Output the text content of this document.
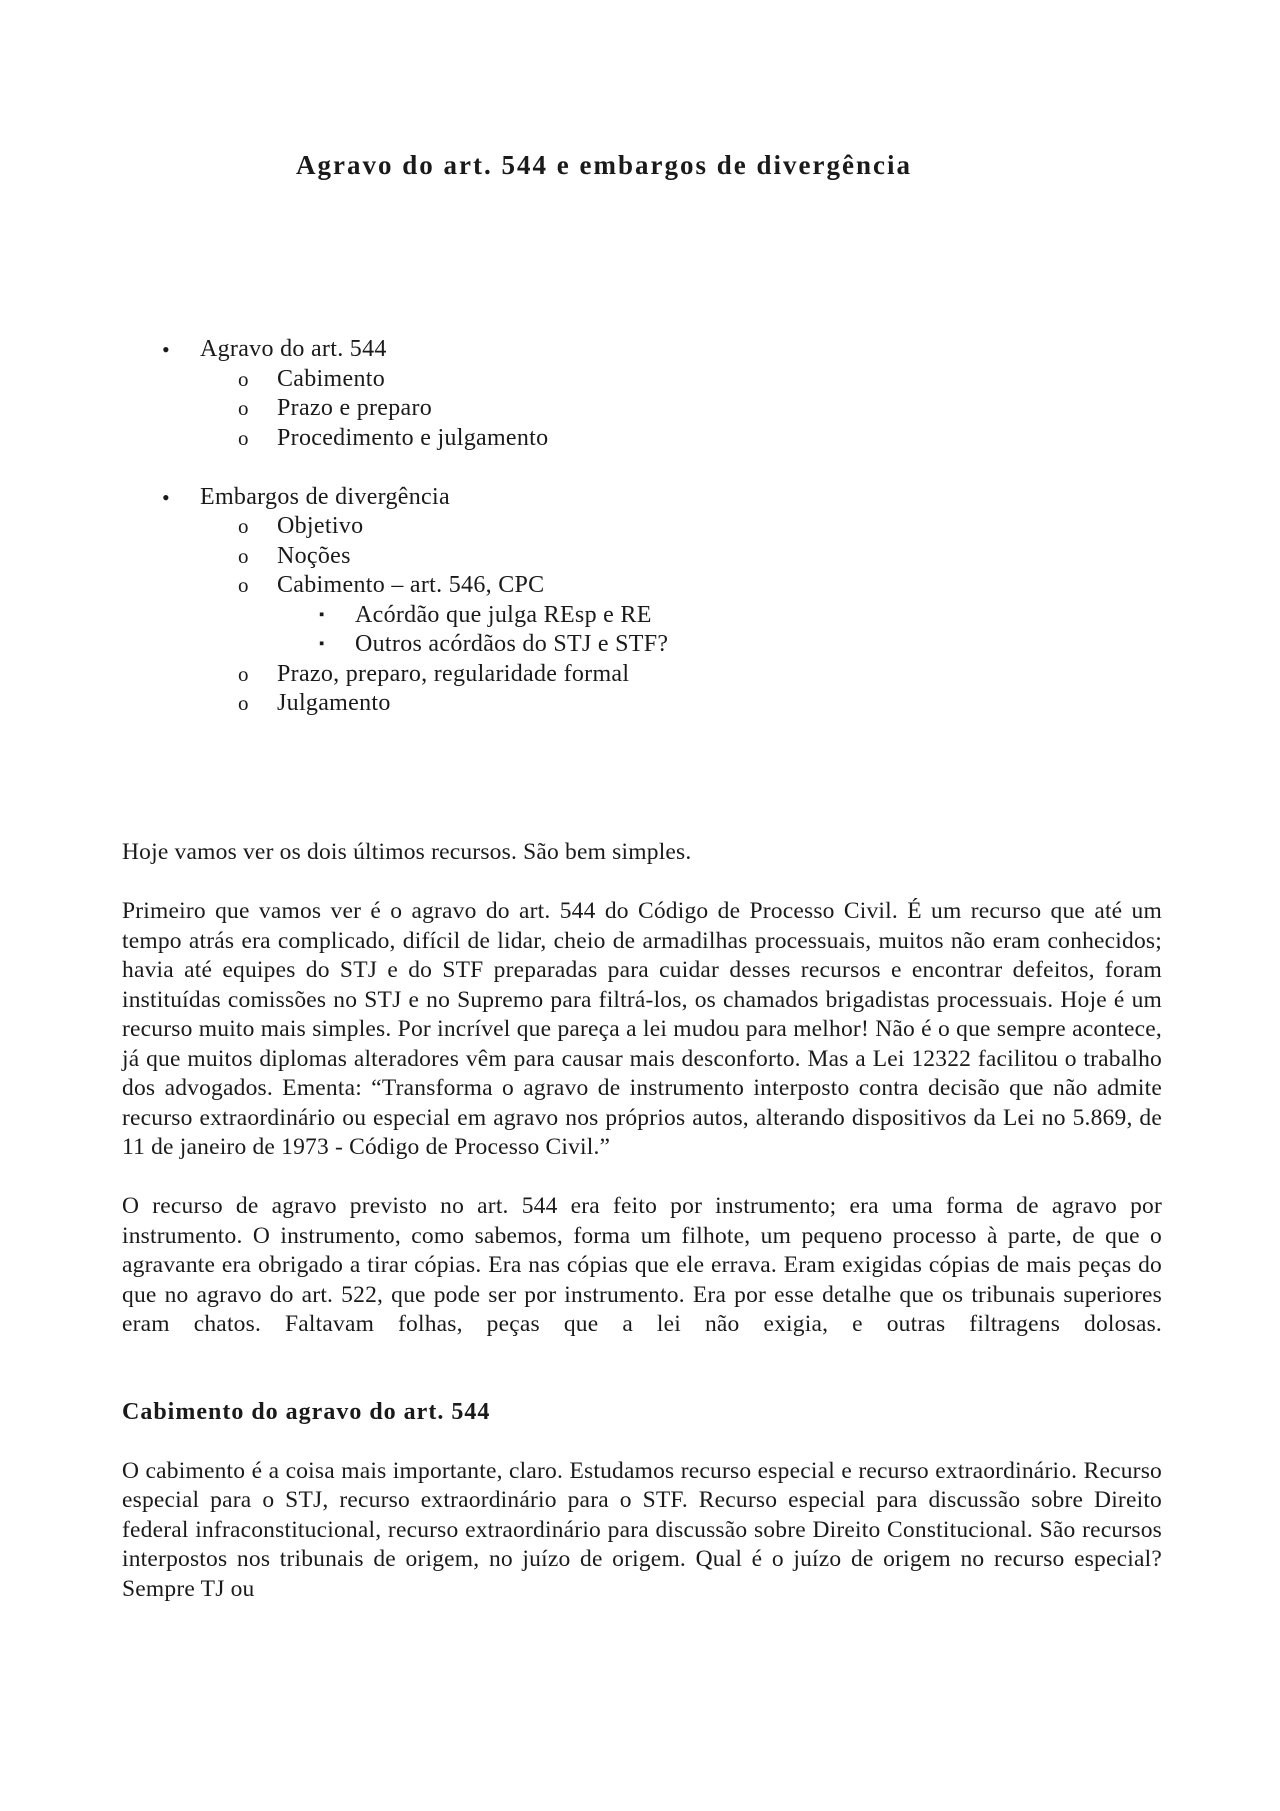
Agravo do art. 544 e embargos de divergência
• Agravo do art. 544
o Cabimento
o Prazo e preparo
o Procedimento e julgamento
• Embargos de divergência
o Objetivo
o Noções
o Cabimento – art. 546, CPC
▪ Acórdão que julga REsp e RE
▪ Outros acórdãos do STJ e STF?
o Prazo, preparo, regularidade formal
o Julgamento

Hoje vamos ver os dois últimos recursos. São bem simples.

Primeiro que vamos ver é o agravo do art. 544 do Código de Processo Civil. É um recurso que até um tempo atrás era complicado, difícil de lidar, cheio de armadilhas processuais, muitos não eram conhecidos; havia até equipes do STJ e do STF preparadas para cuidar desses recursos e encontrar defeitos, foram instituídas comissões no STJ e no Supremo para filtrá-los, os chamados brigadistas processuais. Hoje é um recurso muito mais simples. Por incrível que pareça a lei mudou para melhor! Não é o que sempre acontece, já que muitos diplomas alteradores vêm para causar mais desconforto. Mas a Lei 12322 facilitou o trabalho dos advogados. Ementa: “Transforma o agravo de instrumento interposto contra decisão que não admite recurso extraordinário ou especial em agravo nos próprios autos, alterando dispositivos da Lei no 5.869, de 11 de janeiro de 1973 - Código de Processo Civil.”

O recurso de agravo previsto no art. 544 era feito por instrumento; era uma forma de agravo por instrumento. O instrumento, como sabemos, forma um filhote, um pequeno processo à parte, de que o agravante era obrigado a tirar cópias. Era nas cópias que ele errava. Eram exigidas cópias de mais peças do que no agravo do art. 522, que pode ser por instrumento. Era por esse detalhe que os tribunais superiores eram chatos. Faltavam folhas, peças que a lei não exigia, e outras filtragens dolosas.

Cabimento do agravo do art. 544

O cabimento é a coisa mais importante, claro. Estudamos recurso especial e recurso extraordinário. Recurso especial para o STJ, recurso extraordinário para o STF. Recurso especial para discussão sobre Direito federal infraconstitucional, recurso extraordinário para discussão sobre Direito Constitucional. São recursos interpostos nos tribunais de origem, no juízo de origem. Qual é o juízo de origem no recurso especial? Sempre TJ ou
